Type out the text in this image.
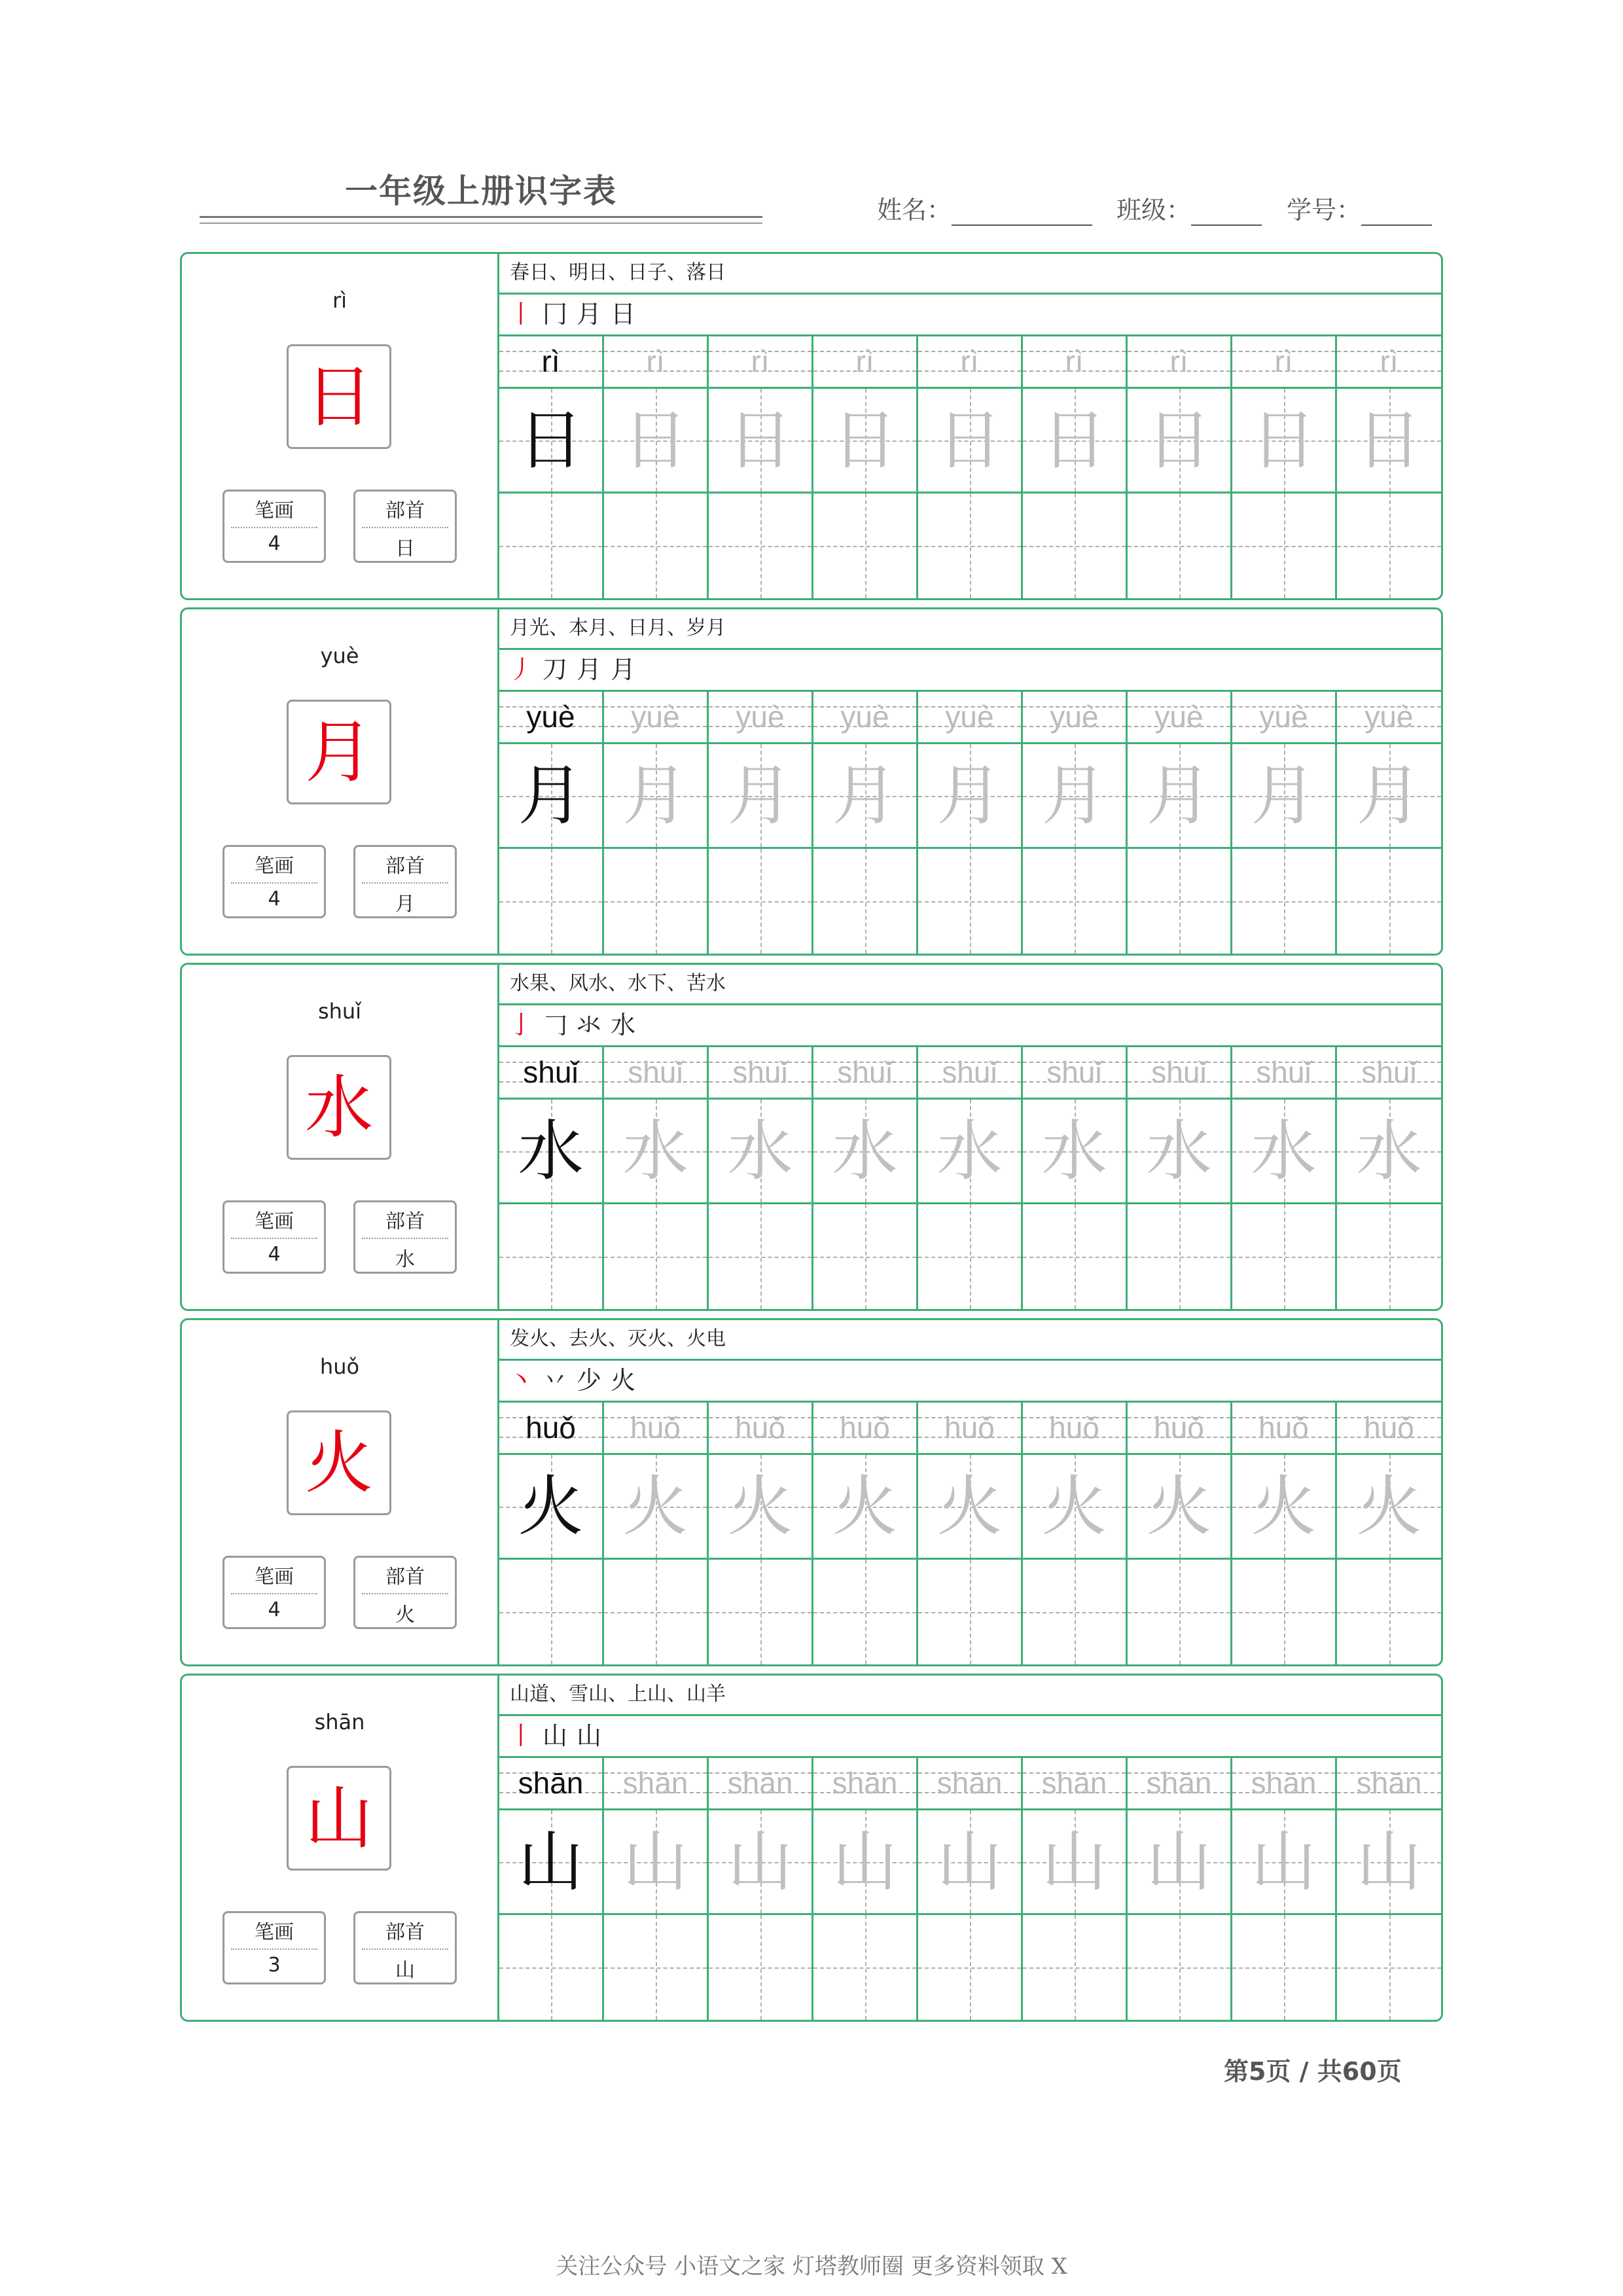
一年级上册识字表	姓名：	班级：	学号：
rì
日
笔画
4
部首
日
春日、明日、日子、落日
丨 冂 月 日
rì
日
rì
日
rì
日
rì
日
rì
日
rì
日
rì
日
rì
日
rì
日
yuè
月
笔画
4
部首
月
月光、本月、日月、岁月
丿 刀 月 月
yuè
月
yuè
月
yuè
月
yuè
月
yuè
月
yuè
月
yuè
月
yuè
月
yuè
月
shuǐ
水
笔画
4
部首
水
水果、风水、水下、苦水
亅 𠃌 氺 水
shuǐ
水
shuǐ
水
shuǐ
水
shuǐ
水
shuǐ
水
shuǐ
水
shuǐ
水
shuǐ
水
shuǐ
水
huǒ
火
笔画
4
部首
火
发火、去火、灭火、火电
丶 丷 少 火
huǒ
火
huǒ
火
huǒ
火
huǒ
火
huǒ
火
huǒ
火
huǒ
火
huǒ
火
huǒ
火
shān
山
笔画
3
部首
山
山道、雪山、上山、山羊
丨 山 山
shān
山
shān
山
shān
山
shān
山
shān
山
shān
山
shān
山
shān
山
shān
山
第5页 / 共60页
关注公众号 小语文之家 灯塔教师圈 更多资料领取 X
